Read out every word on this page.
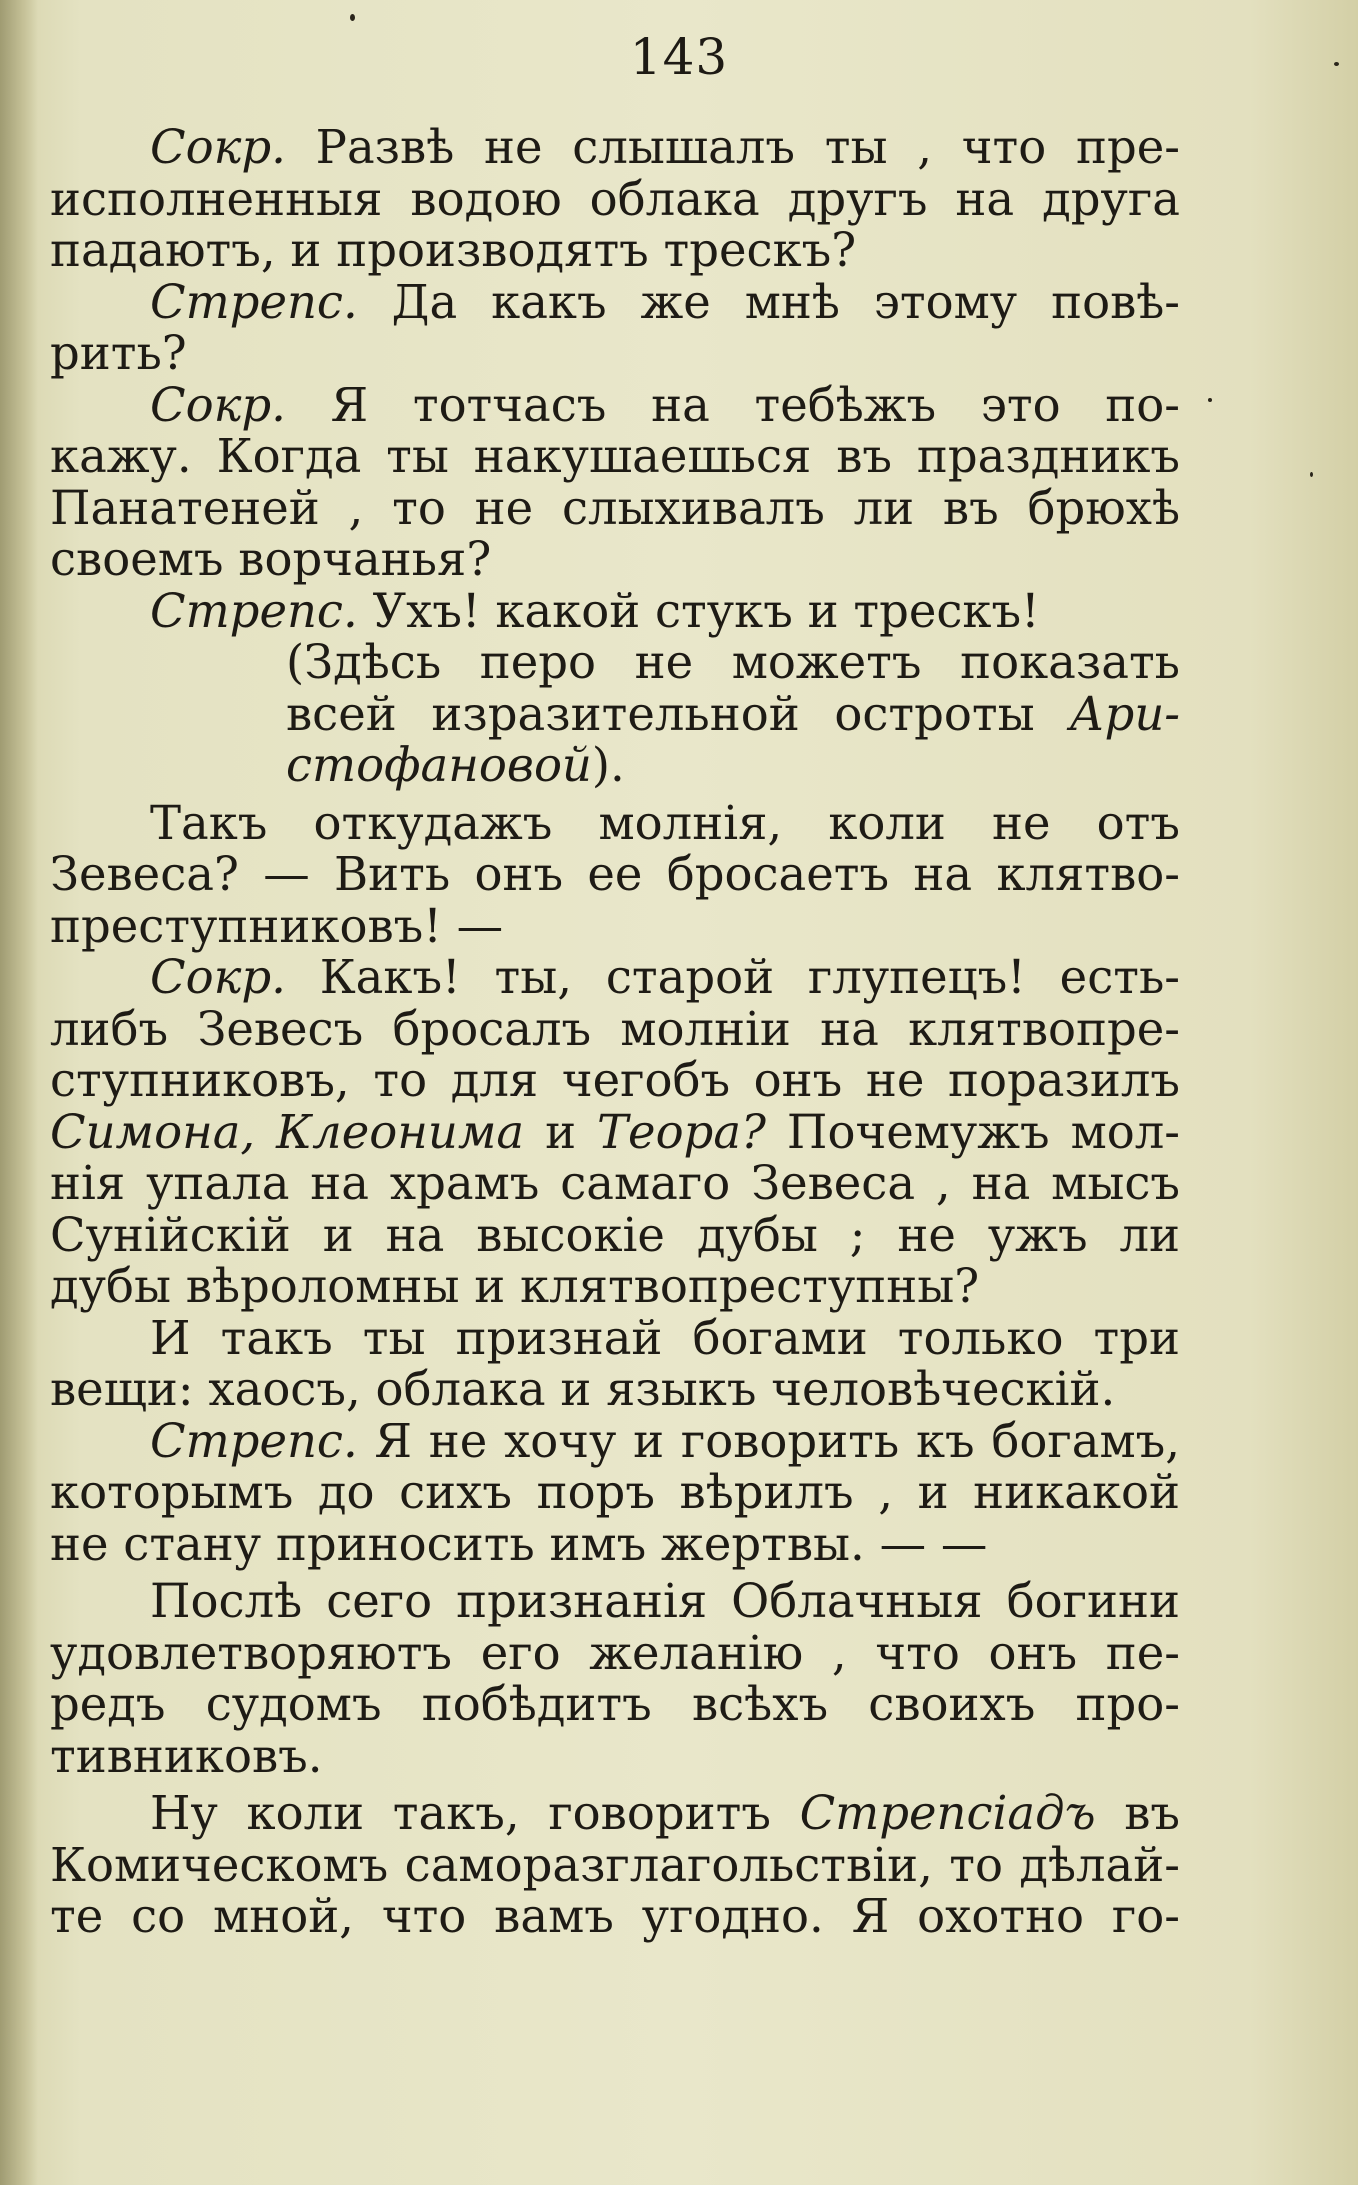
143
Сокр. Развѣ не слышалъ ты , что пре-
исполненныя водою облака другъ на друга
падаютъ, и производятъ трескъ?
Стрепс. Да какъ же мнѣ этому повѣ-
рить?
Сокр. Я тотчасъ на тебѣжъ это по-
кажу. Когда ты накушаешься въ праздникъ
Панатеней , то не слыхивалъ ли въ брюхѣ
своемъ ворчанья?
Стрепс. Ухъ! какой стукъ и трескъ!
(Здѣсь перо не можетъ показать
всей изразительной остроты Ари-
стофановой).
Такъ откудажъ молнія, коли не отъ
Зевеса? — Вить онъ ее бросаетъ на клятво-
преступниковъ! —
Сокр. Какъ! ты, старой глупецъ! есть-
либъ Зевесъ бросалъ молніи на клятвопре-
ступниковъ, то для чегобъ онъ не поразилъ
Симона, Клеонима и Теора? Почемужъ мол-
нія упала на храмъ самаго Зевеса , на мысъ
Сунійскій и на высокіе дубы ; не ужъ ли
дубы вѣроломны и клятвопреступны?
И такъ ты признай богами только три
вещи: хаосъ, облака и языкъ человѣческій.
Стрепс. Я не хочу и говорить къ богамъ,
которымъ до сихъ поръ вѣрилъ , и никакой
не стану приносить имъ жертвы. — —
Послѣ сего признанія Облачныя богини
удовлетворяютъ его желанію , что онъ пе-
редъ судомъ побѣдитъ всѣхъ своихъ про-
тивниковъ.
Ну коли такъ, говоритъ Стрепсіадъ въ
Комическомъ саморазглагольствіи, то дѣлай-
те со мной, что вамъ угодно. Я охотно го-
